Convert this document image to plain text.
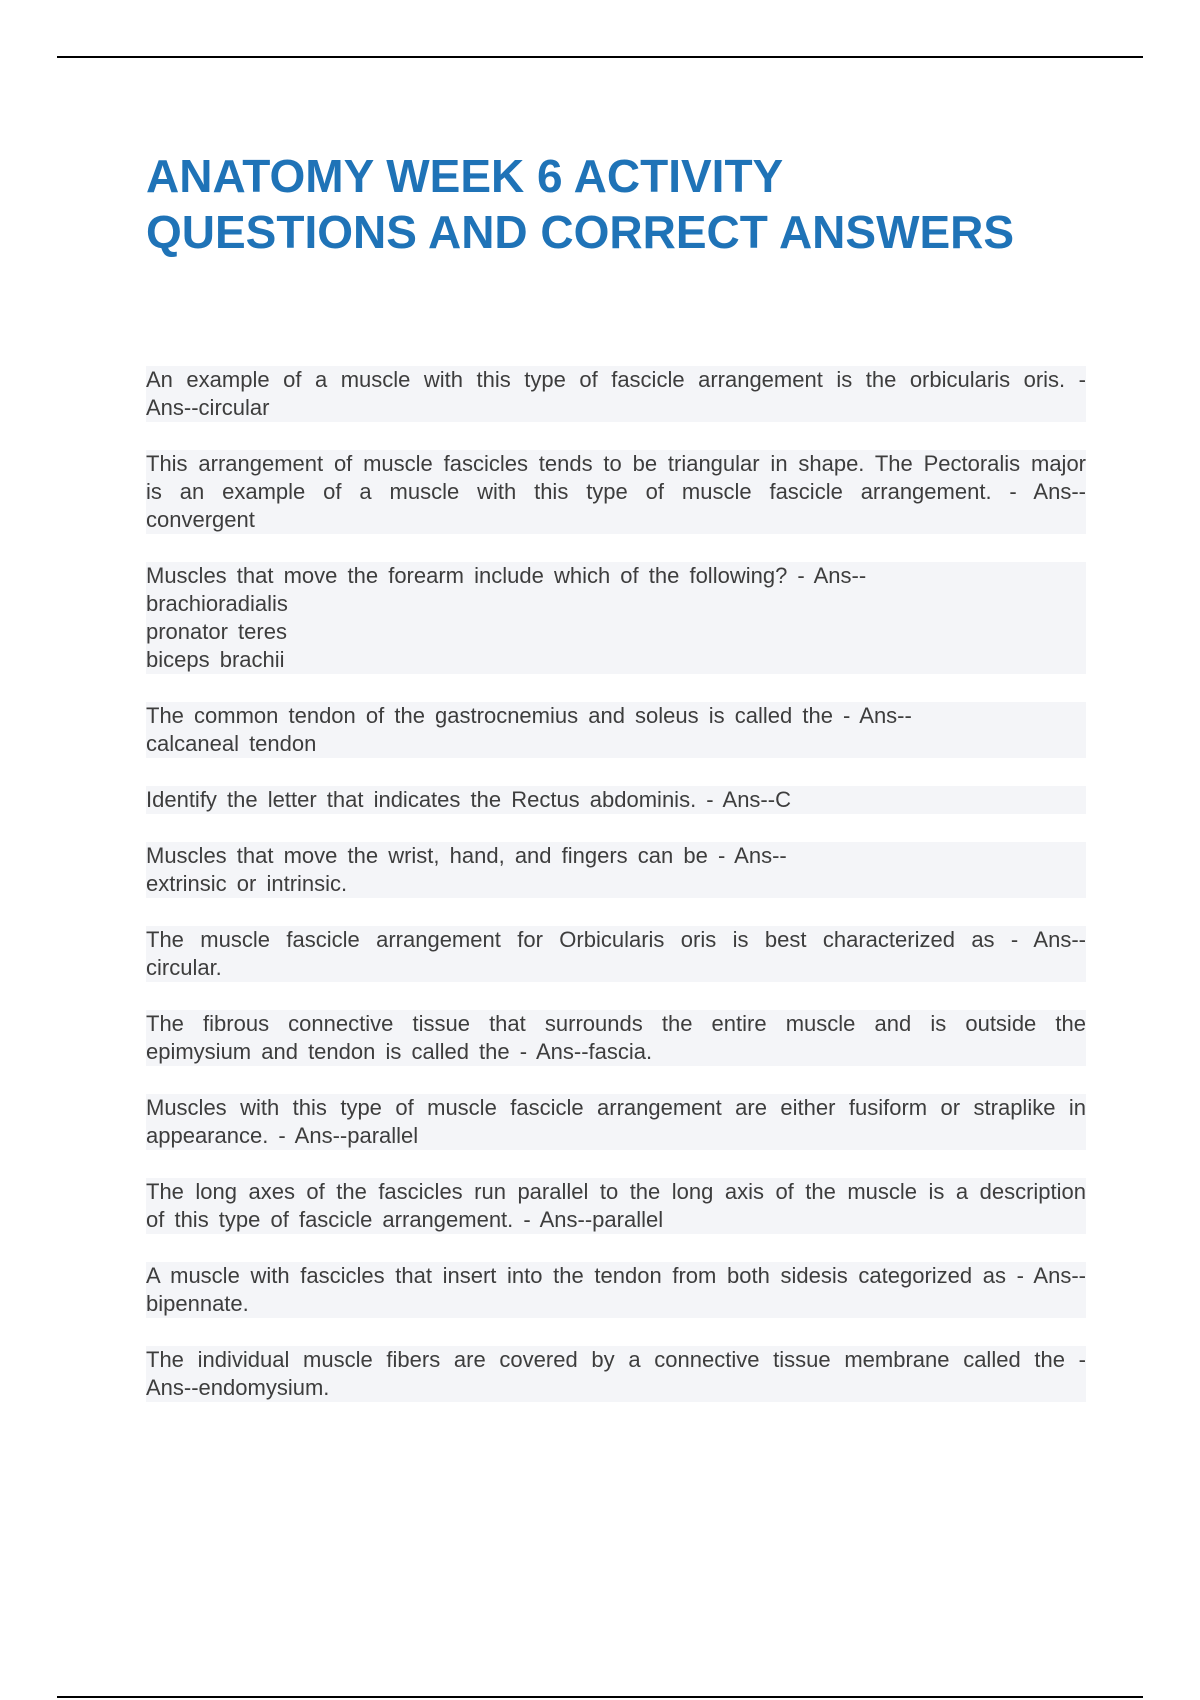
ANATOMY WEEK 6 ACTIVITY QUESTIONS AND CORRECT ANSWERS

An example of a muscle with this type of fascicle arrangement is the orbicularis oris. - Ans--circular

This arrangement of muscle fascicles tends to be triangular in shape. The Pectoralis major is an example of a muscle with this type of muscle fascicle arrangement. - Ans--convergent

Muscles that move the forearm include which of the following? - Ans--
brachioradialis
pronator teres
biceps brachii

The common tendon of the gastrocnemius and soleus is called the - Ans--
calcaneal tendon

Identify the letter that indicates the Rectus abdominis. - Ans--C

Muscles that move the wrist, hand, and fingers can be - Ans--
extrinsic or intrinsic.

The muscle fascicle arrangement for Orbicularis oris is best characterized as - Ans--circular.

The fibrous connective tissue that surrounds the entire muscle and is outside the epimysium and tendon is called the - Ans--fascia.

Muscles with this type of muscle fascicle arrangement are either fusiform or straplike in appearance. - Ans--parallel

The long axes of the fascicles run parallel to the long axis of the muscle is a description of this type of fascicle arrangement. - Ans--parallel

A muscle with fascicles that insert into the tendon from both sidesis categorized as - Ans--bipennate.

The individual muscle fibers are covered by a connective tissue membrane called the - Ans--endomysium.
